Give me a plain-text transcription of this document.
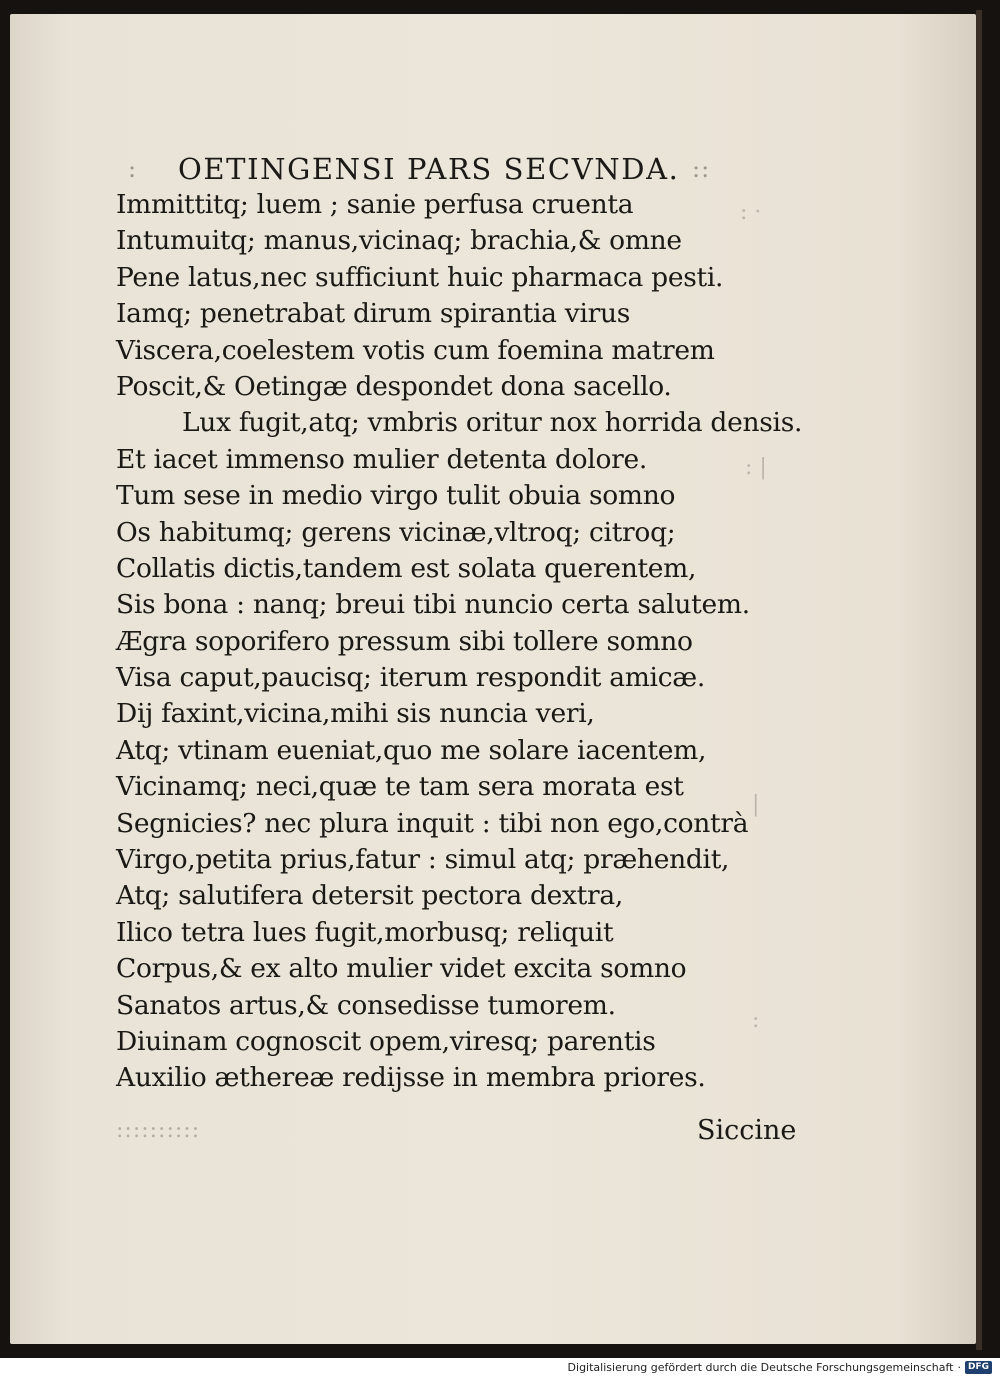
: OETINGENSI PARS SECVNDA. ::
Immittitq; luem ; sanie perfusa cruenta
Intumuitq; manus,vicinaq; brachia,& omne
Pene latus,nec sufficiunt huic pharmaca pesti.
Iamq; penetrabat dirum spirantia virus
Viscera,coelestem votis cum foemina matrem
Poscit,& Oetingæ despondet dona sacello.
Lux fugit,atq; vmbris oritur nox horrida densis.
Et iacet immenso mulier detenta dolore.
Tum sese in medio virgo tulit obuia somno
Os habitumq; gerens vicinæ,vltroq; citroq;
Collatis dictis,tandem est solata querentem,
Sis bona : nanq; breui tibi nuncio certa salutem.
Ægra soporifero pressum sibi tollere somno
Visa caput,paucisq; iterum respondit amicæ.
Dij faxint,vicina,mihi sis nuncia veri,
Atq; vtinam eueniat,quo me solare iacentem,
Vicinamq; neci,quæ te tam sera morata est
Segnicies? nec plura inquit : tibi non ego,contrà
Virgo,petita prius,fatur : simul atq; præhendit,
Atq; salutifera detersit pectora dextra,
Ilico tetra lues fugit,morbusq; reliquit
Corpus,& ex alto mulier videt excita somno
Sanatos artus,& consedisse tumorem.
Diuinam cognoscit opem,viresq; parentis
Auxilio æthereæ redijsse in membra priores.
: ·
: |
|
:
::::::::::	Siccine
Digitalisierung gefördert durch die Deutsche Forschungsgemeinschaft · DFG
